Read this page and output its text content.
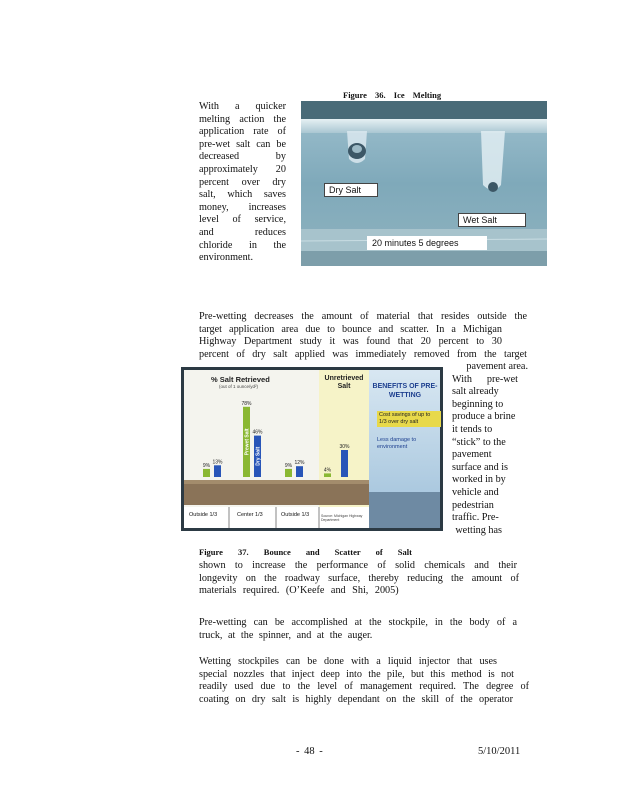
Figure 36. Ice Melting
With a quicker
melting action the
application rate of
pre-wet salt can be
decreased by
approximately 20
percent over dry
salt, which saves
money, increases
level of service,
and reduces
chloride in the
environment.
Dry Salt
Wet Salt
20 minutes 5 degrees
Pre-wetting decreases the amount of material that resides outside the
target application area due to bounce and scatter. In a Michigan
Highway Department study it was found that 20 percent to 30
percent of dry salt applied was immediately removed from the target
pavement area.
With pre-wet
salt already
beginning to
produce a brine
it tends to
“stick” to the
pavement
surface and is
worked in by
vehicle and
pedestrian
traffic. Pre-
wetting has
9%
13%
78%
Prewet Salt 46%
Dry Salt
9% 12%
4%
30%
% Salt Retrieved
(out of 1 ounce/yd²)
Unretrieved Salt	BENEFITS OF PRE-WETTING
Cost savings of up to 1/3 over dry salt
Less damage to environment
Outside 1/3	Center 1/3	Outside 1/3	Source: Michigan Highway Department
Figure 37. Bounce and Scatter of Salt
shown to increase the performance of solid chemicals and their
longevity on the roadway surface, thereby reducing the amount of
materials required. (O’Keefe and Shi, 2005)
Pre-wetting can be accomplished at the stockpile, in the body of a
truck, at the spinner, and at the auger.
Wetting stockpiles can be done with a liquid injector that uses
special nozzles that inject deep into the pile, but this method is not
readily used due to the level of management required. The degree of
coating on dry salt is highly dependant on the skill of the operator
- 48 -	5/10/2011
